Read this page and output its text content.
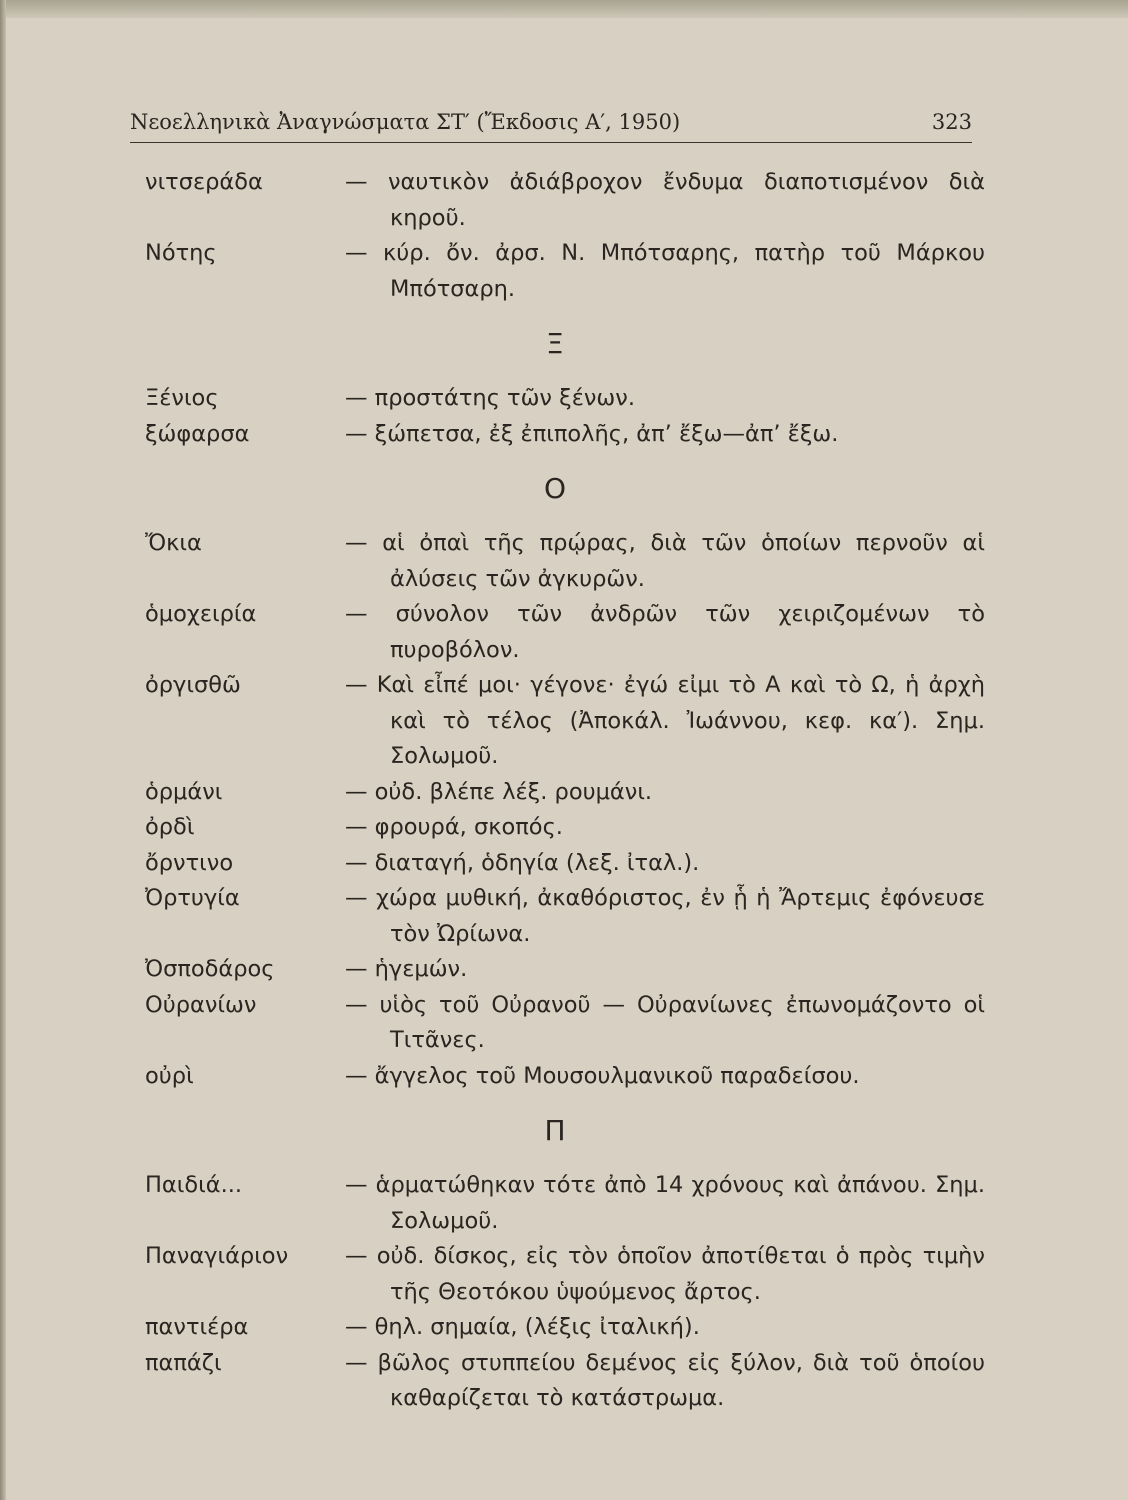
Νεοελληνικὰ Ἀναγνώσματα ΣΤ′ (Ἔκδοσις Α′, 1950)	323
νιτσεράδα	— ναυτικὸν ἀδιάβροχον ἔνδυμα διαποτισμένον διὰ κηροῦ.
Νότης	— κύρ. ὄν. ἀρσ. Ν. Μπότσαρης, πατὴρ τοῦ Μάρκου Μπότσαρη.
Ξ
Ξένιος	— προστάτης τῶν ξένων.
ξώφαρσα	— ξώπετσα, ἐξ ἐπιπολῆς, ἀπ’ ἔξω—ἀπ’ ἔξω.
Ο
Ὄκια	— αἱ ὀπαὶ τῆς πρῴρας, διὰ τῶν ὁποίων περνοῦν αἱ ἀλύσεις τῶν ἀγκυρῶν.
ὁμοχειρία	— σύνολον τῶν ἀνδρῶν τῶν χειριζομένων τὸ πυροβόλον.
ὀργισθῶ	— Καὶ εἶπέ μοι· γέγονε· ἐγώ εἰμι τὸ Α καὶ τὸ Ω, ἡ ἀρχὴ καὶ τὸ τέλος (Ἀποκάλ. Ἰωάννου, κεφ. κα′). Σημ. Σολωμοῦ.
ὁρμάνι	— οὐδ. βλέπε λέξ. ρουμάνι.
ὀρδὶ	— φρουρά, σκοπός.
ὄρντινο	— διαταγή, ὁδηγία (λεξ. ἰταλ.).
Ὀρτυγία	— χώρα μυθική, ἀκαθόριστος, ἐν ᾗ ἡ Ἄρτεμις ἐφόνευσε τὸν Ὠρίωνα.
Ὀσποδάρος	— ἡγεμών.
Οὐρανίων	— υἱὸς τοῦ Οὐρανοῦ — Οὐρανίωνες ἐπωνομάζοντο οἱ Τιτᾶνες.
οὐρὶ	— ἄγγελος τοῦ Μουσουλμανικοῦ παραδείσου.
Π
Παιδιά...	— ἁρματώθηκαν τότε ἀπὸ 14 χρόνους καὶ ἀπάνου. Σημ. Σολωμοῦ.
Παναγιάριον	— οὐδ. δίσκος, εἰς τὸν ὁποῖον ἀποτίθεται ὁ πρὸς τιμὴν τῆς Θεοτόκου ὑψούμενος ἄρτος.
παντιέρα	— θηλ. σημαία, (λέξις ἰταλική).
παπάζι	— βῶλος στυππείου δεμένος εἰς ξύλον, διὰ τοῦ ὁποίου καθαρίζεται τὸ κατάστρωμα.
